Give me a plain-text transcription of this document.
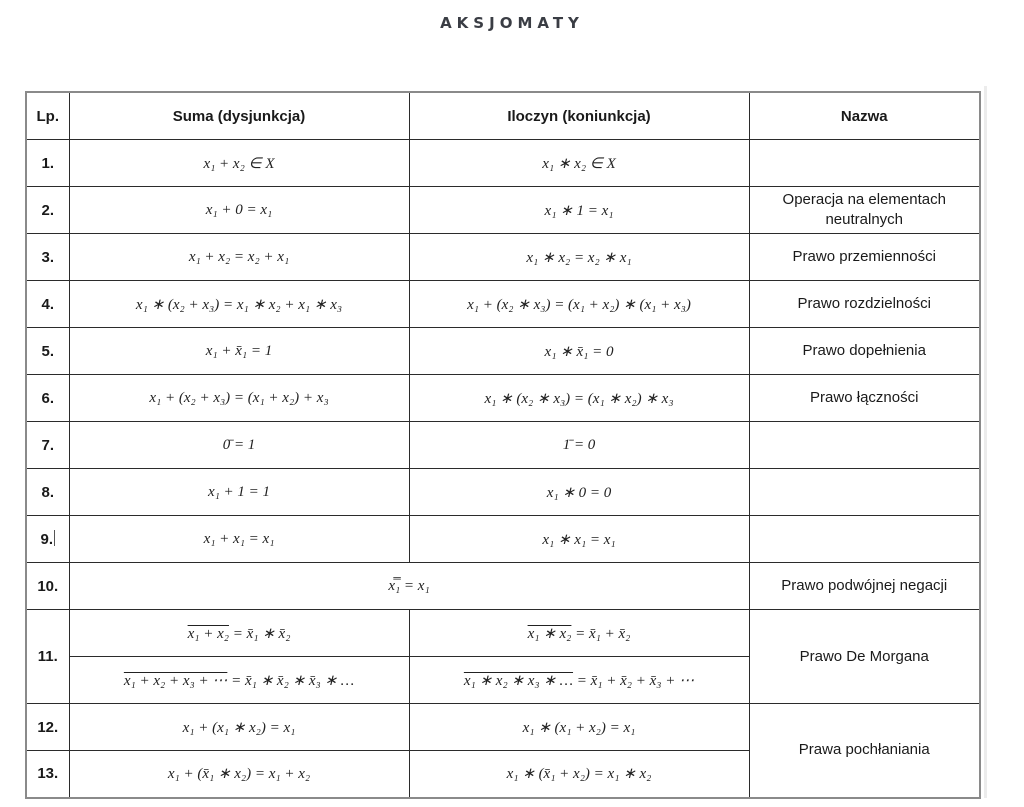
AKSJOMATY
Lp.	Suma (dysjunkcja)	Iloczyn (koniunkcja)	Nazwa
1.	x₁ + x₂ ∈ X	x₁ ∗ x₂ ∈ X	
2.	x₁ + 0 = x₁	x₁ ∗ 1 = x₁	Operacja na elementach neutralnych
3.	x₁ + x₂ = x₂ + x₁	x₁ ∗ x₂ = x₂ ∗ x₁	Prawo przemienności
4.	x₁ ∗ (x₂ + x₃) = x₁ ∗ x₂ + x₁ ∗ x₃	x₁ + (x₂ ∗ x₃) = (x₁ + x₂) ∗ (x₁ + x₃)	Prawo rozdzielności
5.	x₁ + x̄₁ = 1	x₁ ∗ x̄₁ = 0	Prawo dopełnienia
6.	x₁ + (x₂ + x₃) = (x₁ + x₂) + x₃	x₁ ∗ (x₂ ∗ x₃) = (x₁ ∗ x₂) ∗ x₃	Prawo łączności
7.	0̄ = 1	1̄ = 0	
8.	x₁ + 1 = 1	x₁ ∗ 0 = 0	
9.	x₁ + x₁ = x₁	x₁ ∗ x₁ = x₁	
10.	x̿₁ = x₁		Prawo podwójnej negacji
11.	x₁ + x₂ = x̄₁ ∗ x̄₂	x₁ ∗ x₂ = x̄₁ + x̄₂	Prawo De Morgana
	x₁ + x₂ + x₃ + ⋯ = x̄₁ ∗ x̄₂ ∗ x̄₃ ∗ …	x₁ ∗ x₂ ∗ x₃ ∗ … = x̄₁ + x̄₂ + x̄₃ + ⋯	
12.	x₁ + (x₁ ∗ x₂) = x₁	x₁ ∗ (x₁ + x₂) = x₁	Prawa pochłaniania
13.	x₁ + (x̄₁ ∗ x₂) = x₁ + x₂	x₁ ∗ (x̄₁ + x₂) = x₁ ∗ x₂	
